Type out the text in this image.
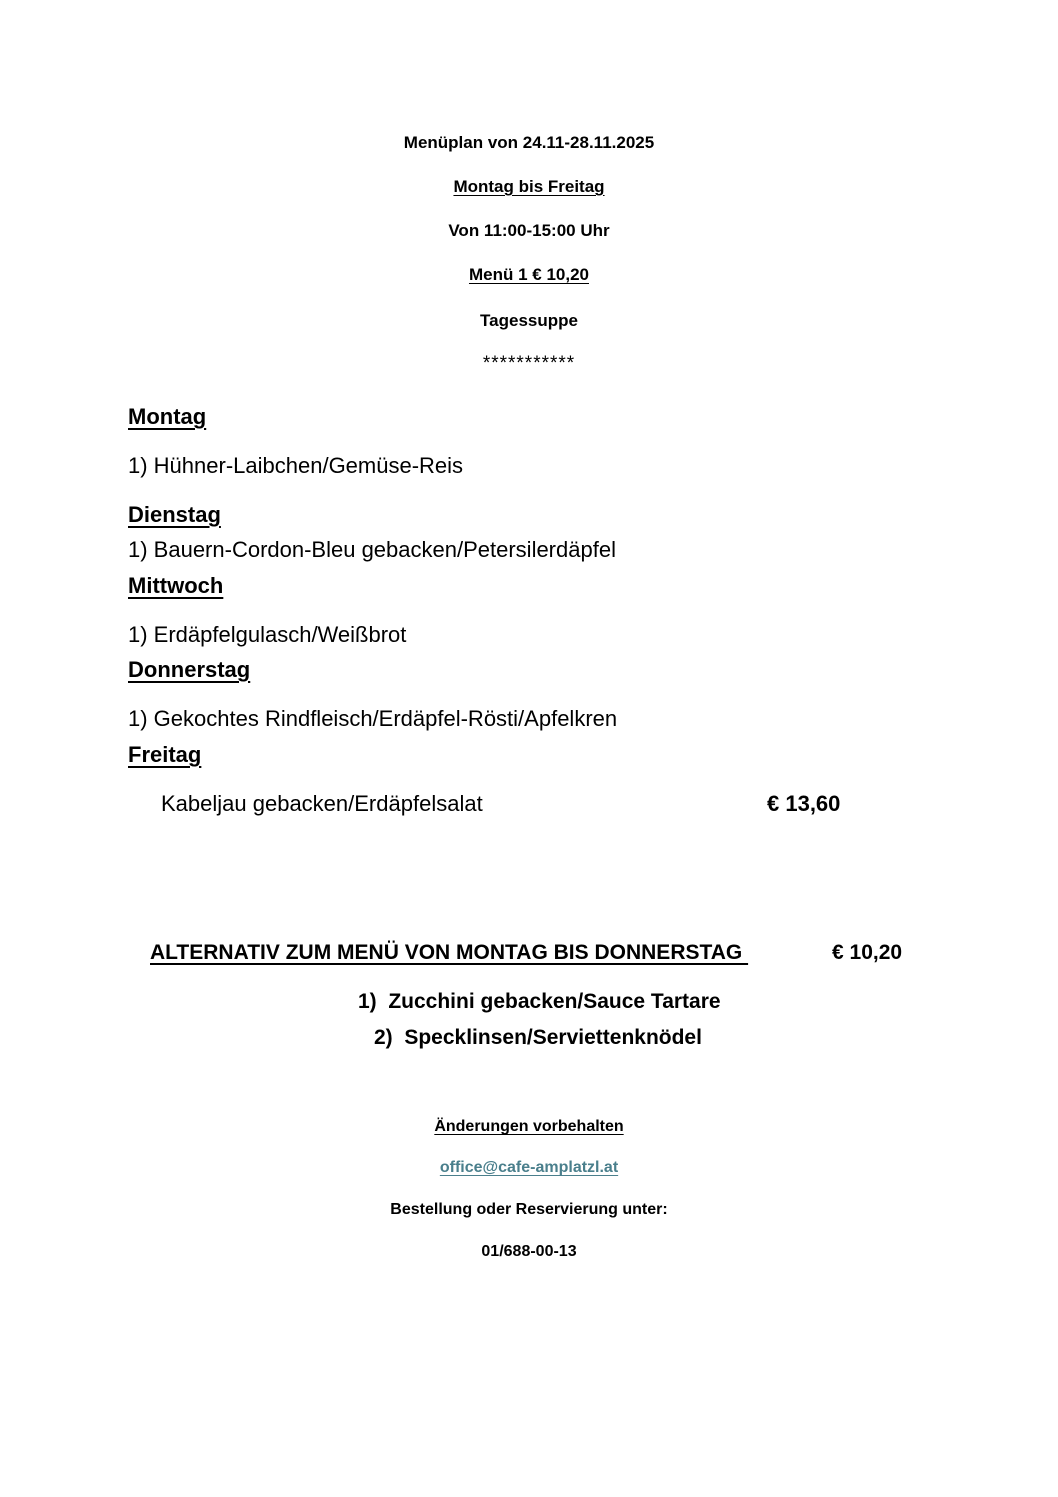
Menüplan von 24.11-28.11.2025
Montag bis Freitag
Von 11:00-15:00 Uhr
Menü 1 € 10,20
Tagessuppe
***********
Montag
1) Hühner-Laibchen/Gemüse-Reis
Dienstag
1) Bauern-Cordon-Bleu gebacken/Petersilerdäpfel
Mittwoch
1) Erdäpfelgulasch/Weißbrot
Donnerstag
1) Gekochtes Rindfleisch/Erdäpfel-Rösti/Apfelkren
Freitag
Kabeljau gebacken/Erdäpfelsalat	€ 13,60
ALTERNATIV ZUM MENÜ VON MONTAG BIS DONNERSTAG	€ 10,20
1)  Zucchini gebacken/Sauce Tartare
2)  Specklinsen/Serviettenknödel
Änderungen vorbehalten
office@cafe-amplatzl.at
Bestellung oder Reservierung unter:
01/688-00-13
